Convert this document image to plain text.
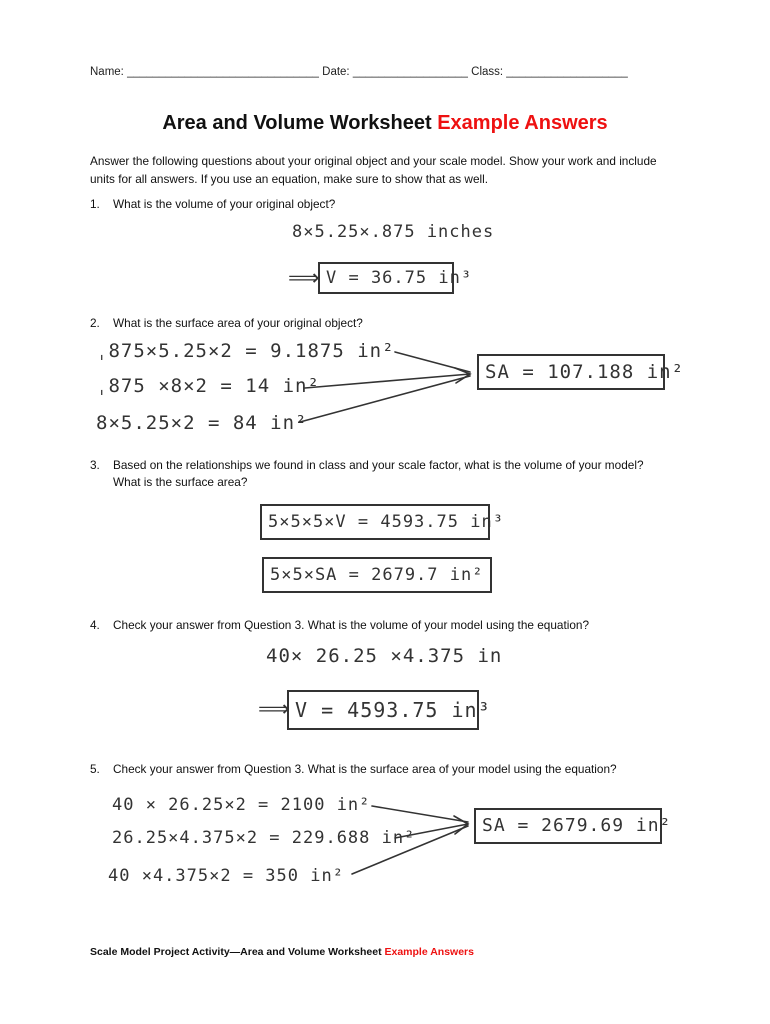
Name: ______________________________ Date: __________________ Class: ___________________
Area and Volume Worksheet Example Answers
Answer the following questions about your original object and your scale model. Show your work and include units for all answers. If you use an equation, make sure to show that as well.
1.	What is the volume of your original object?
8×5.25×.875 inches
⟹ V = 36.75 in³
2.	What is the surface area of your original object?
ˌ875×5.25×2 = 9.1875 in²
ˌ875 ×8×2 = 14 in²
8×5.25×2 = 84 in²
SA = 107.188 in²
3.	Based on the relationships we found in class and your scale factor, what is the volume of your model? What is the surface area?
5×5×5×V = 4593.75 in³
5×5×SA = 2679.7 in²
4.	Check your answer from Question 3. What is the volume of your model using the equation?
40× 26.25 ×4.375 in
⟹ V = 4593.75 in³
5.	Check your answer from Question 3. What is the surface area of your model using the equation?
40 × 26.25×2 = 2100 in²
26.25×4.375×2 = 229.688 in²
40 ×4.375×2 = 350 in²
SA = 2679.69 in²
Scale Model Project Activity—Area and Volume Worksheet Example Answers
